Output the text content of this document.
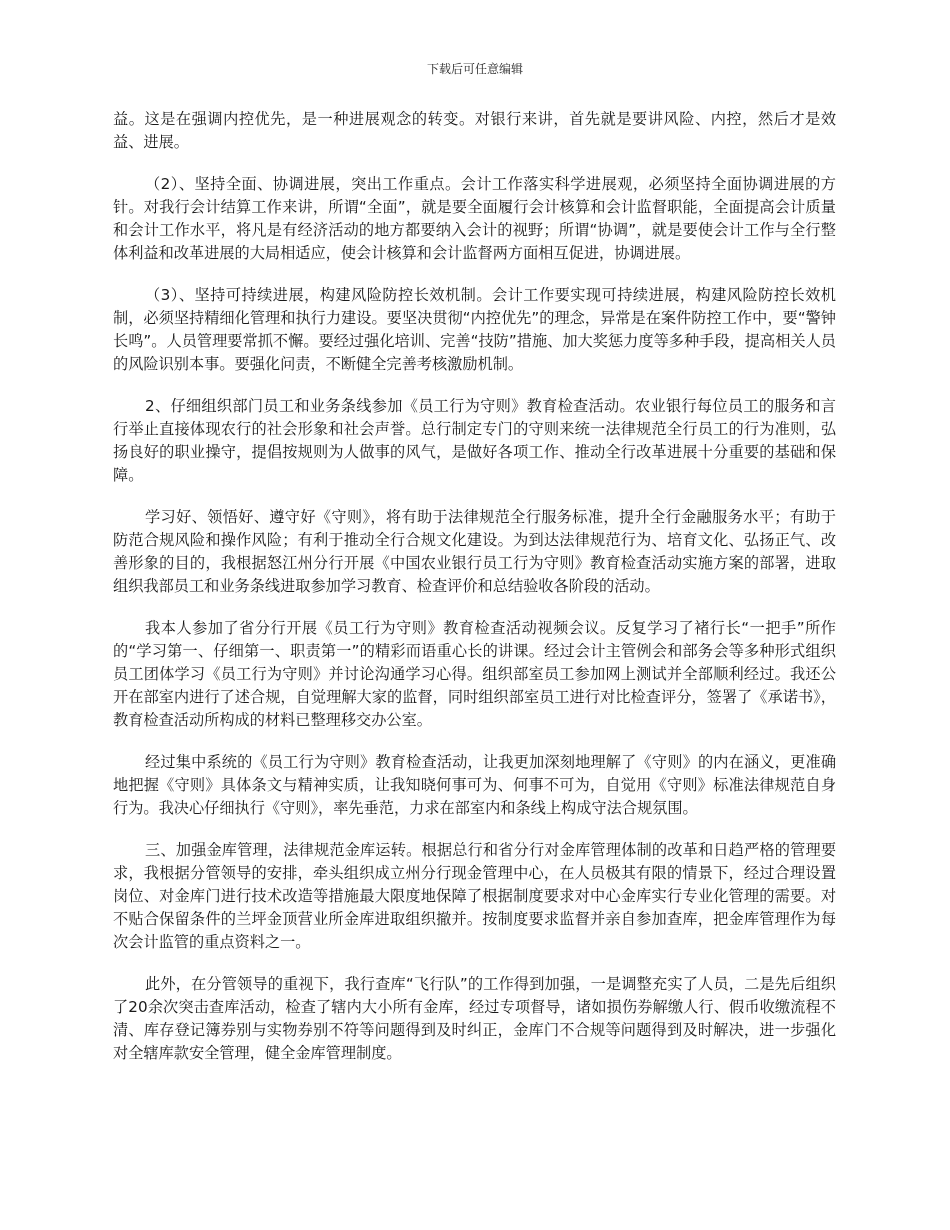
下载后可任意编辑

益。这是在强调内控优先，是一种进展观念的转变。对银行来讲，首先就是要讲风险、内控，然后才是效益、进展。

（2）、坚持全面、协调进展，突出工作重点。会计工作落实科学进展观，必须坚持全面协调进展的方针。对我行会计结算工作来讲，所谓“全面”，就是要全面履行会计核算和会计监督职能，全面提高会计质量和会计工作水平，将凡是有经济活动的地方都要纳入会计的视野；所谓“协调”，就是要使会计工作与全行整体利益和改革进展的大局相适应，使会计核算和会计监督两方面相互促进，协调进展。

（3）、坚持可持续进展，构建风险防控长效机制。会计工作要实现可持续进展，构建风险防控长效机制，必须坚持精细化管理和执行力建设。要坚决贯彻“内控优先”的理念，异常是在案件防控工作中，要“警钟长鸣”。人员管理要常抓不懈。要经过强化培训、完善“技防”措施、加大奖惩力度等多种手段，提高相关人员的风险识别本事。要强化问责，不断健全完善考核激励机制。

2、仔细组织部门员工和业务条线参加《员工行为守则》教育检查活动。农业银行每位员工的服务和言行举止直接体现农行的社会形象和社会声誉。总行制定专门的守则来统一法律规范全行员工的行为准则，弘扬良好的职业操守，提倡按规则为人做事的风气，是做好各项工作、推动全行改革进展十分重要的基础和保障。

学习好、领悟好、遵守好《守则》，将有助于法律规范全行服务标准，提升全行金融服务水平；有助于防范合规风险和操作风险；有利于推动全行合规文化建设。为到达法律规范行为、培育文化、弘扬正气、改善形象的目的，我根据怒江州分行开展《中国农业银行员工行为守则》教育检查活动实施方案的部署，进取组织我部员工和业务条线进取参加学习教育、检查评价和总结验收各阶段的活动。

我本人参加了省分行开展《员工行为守则》教育检查活动视频会议。反复学习了褚行长“一把手”所作的“学习第一、仔细第一、职责第一”的精彩而语重心长的讲课。经过会计主管例会和部务会等多种形式组织员工团体学习《员工行为守则》并讨论沟通学习心得。组织部室员工参加网上测试并全部顺利经过。我还公开在部室内进行了述合规，自觉理解大家的监督，同时组织部室员工进行对比检查评分，签署了《承诺书》，教育检查活动所构成的材料已整理移交办公室。

经过集中系统的《员工行为守则》教育检查活动，让我更加深刻地理解了《守则》的内在涵义，更准确地把握《守则》具体条文与精神实质，让我知晓何事可为、何事不可为，自觉用《守则》标准法律规范自身行为。我决心仔细执行《守则》，率先垂范，力求在部室内和条线上构成守法合规氛围。

三、加强金库管理，法律规范金库运转。根据总行和省分行对金库管理体制的改革和日趋严格的管理要求，我根据分管领导的安排，牵头组织成立州分行现金管理中心，在人员极其有限的情景下，经过合理设置岗位、对金库门进行技术改造等措施最大限度地保障了根据制度要求对中心金库实行专业化管理的需要。对不贴合保留条件的兰坪金顶营业所金库进取组织撤并。按制度要求监督并亲自参加查库，把金库管理作为每次会计监管的重点资料之一。

此外，在分管领导的重视下，我行查库“飞行队”的工作得到加强，一是调整充实了人员，二是先后组织了20余次突击查库活动，检查了辖内大小所有金库，经过专项督导，诸如损伤券解缴人行、假币收缴流程不清、库存登记簿券别与实物券别不符等问题得到及时纠正，金库门不合规等问题得到及时解决，进一步强化对全辖库款安全管理，健全金库管理制度。
